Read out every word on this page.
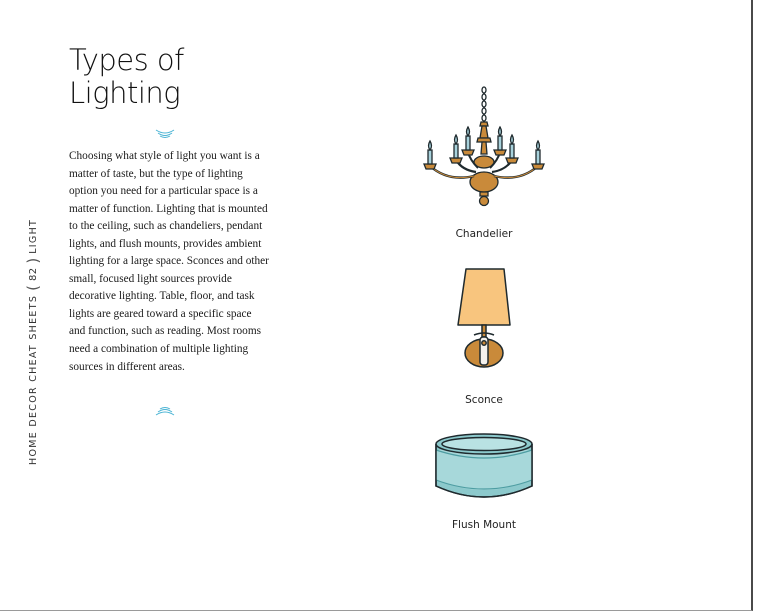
HOME DECOR CHEAT SHEETS
(
82
)
LIGHT
Types of
Lighting

Choosing what style of light you want is a matter of taste, but the type of lighting option you need for a particular space is a matter of function. Lighting that is mounted to the ceiling, such as chandeliers, pendant lights, and flush mounts, provides ambient lighting for a large space. Sconces and other small, focused light sources provide decorative lighting. Table, floor, and task lights are geared toward a specific space and function, such as reading. Most rooms need a combination of multiple lighting sources in different areas.

Chandelier
Sconce
Flush Mount
